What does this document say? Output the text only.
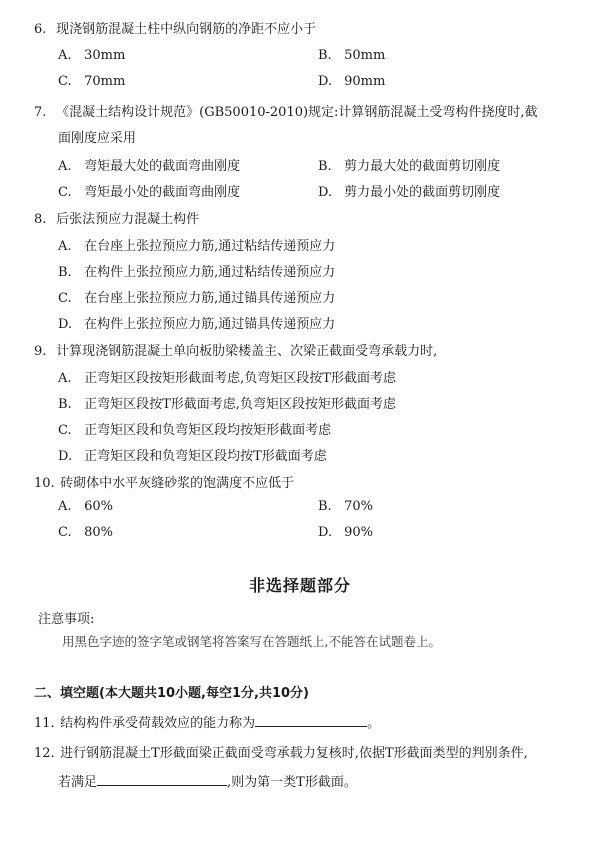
6. 现浇钢筋混凝土柱中纵向钢筋的净距不应小于
A. 30mm	B. 50mm
C. 70mm	D. 90mm
7. 《混凝土结构设计规范》(GB50010-2010)规定:计算钢筋混凝土受弯构件挠度时,截
面刚度应采用
A. 弯矩最大处的截面弯曲刚度	B. 剪力最大处的截面剪切刚度
C. 弯矩最小处的截面弯曲刚度	D. 剪力最小处的截面剪切刚度
8. 后张法预应力混凝土构件
A. 在台座上张拉预应力筋,通过粘结传递预应力
B. 在构件上张拉预应力筋,通过粘结传递预应力
C. 在台座上张拉预应力筋,通过锚具传递预应力
D. 在构件上张拉预应力筋,通过锚具传递预应力
9. 计算现浇钢筋混凝土单向板肋梁楼盖主、次梁正截面受弯承载力时,
A. 正弯矩区段按矩形截面考虑,负弯矩区段按T形截面考虑
B. 正弯矩区段按T形截面考虑,负弯矩区段按矩形截面考虑
C. 正弯矩区段和负弯矩区段均按矩形截面考虑
D. 正弯矩区段和负弯矩区段均按T形截面考虑
10. 砖砌体中水平灰缝砂浆的饱满度不应低于
A. 60%	B. 70%
C. 80%	D. 90%
非选择题部分
注意事项:
用黑色字迹的签字笔或钢笔将答案写在答题纸上,不能答在试题卷上。
二、填空题(本大题共10小题,每空1分,共10分)
11. 结构构件承受荷载效应的能力称为	。
12. 进行钢筋混凝土T形截面梁正截面受弯承载力复核时,依据T形截面类型的判别条件,
若满足	,则为第一类T形截面。
